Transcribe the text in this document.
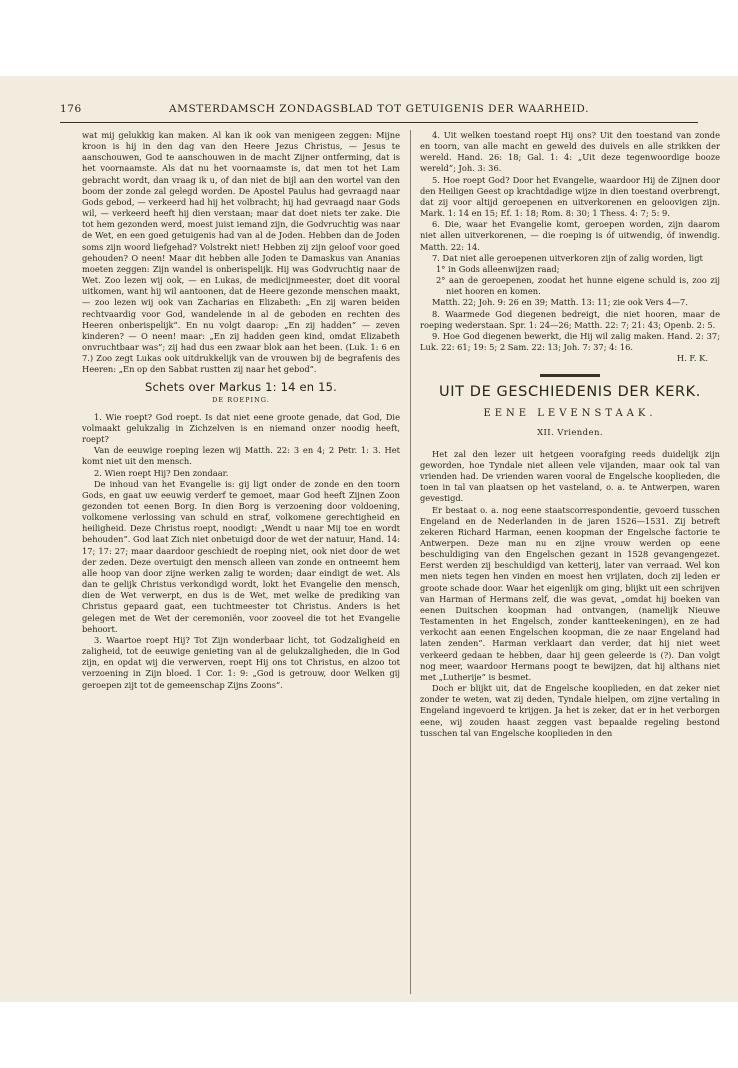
176	AMSTERDAMSCH ZONDAGSBLAD TOT GETUIGENIS DER WAARHEID.

wat mij gelukkig kan maken. Al kan ik ook van menigeen zeggen: Mijne kroon is hij in den dag van den Heere Jezus Christus, — Jesus te aanschouwen, God te aanschouwen in de macht Zijner ontferming, dat is het voornaamste. Als dat nu het voornaamste is, dat men tot het Lam gebracht wordt, dan vraag ik u, of dan niet de bijl aan den wortel van den boom der zonde zal gelegd worden. De Apostel Paulus had gevraagd naar Gods gebod, — verkeerd had hij het volbracht; hij had gevraagd naar Gods wil, — verkeerd heeft hij dien verstaan; maar dat doet niets ter zake. Die tot hem gezonden werd, moest juist iemand zijn, die Godvruchtig was naar de Wet, en een goed getuigenis had van al de Joden. Hebben dan de Joden soms zijn woord liefgehad? Volstrekt niet! Hebben zij zijn geloof voor goed gehouden? O neen! Maar dit hebben alle Joden te Damaskus van Ananias moeten zeggen: Zijn wandel is onberispelijk. Hij was Godvruchtig naar de Wet. Zoo lezen wij ook, — en Lukas, de medicijnmeester, doet dit vooral uitkomen, want hij wil aantoonen, dat de Heere gezonde menschen maakt, — zoo lezen wij ook van Zacharias en Elizabeth: „En zij waren beiden rechtvaardig voor God, wandelende in al de geboden en rechten des Heeren onberispelijk”. En nu volgt daarop: „En zij hadden” — zeven kinderen? — O neen! maar: „En zij hadden geen kind, omdat Elizabeth onvruchtbaar was”; zij had dus een zwaar blok aan het been. (Luk. 1: 6 en 7.) Zoo zegt Lukas ook uitdrukkelijk van de vrouwen bij de begrafenis des Heeren: „En op den Sabbat rustten zij naar het gebod”.

Schets over Markus 1: 14 en 15.
DE ROEPING.

1. Wie roept? God roept. Is dat niet eene groote genade, dat God, Die volmaakt gelukzalig in Zichzelven is en niemand onzer noodig heeft, roept?

Van de eeuwige roeping lezen wij Matth. 22: 3 en 4; 2 Petr. 1: 3. Het komt niet uit den mensch.

2. Wien roept Hij? Den zondaar.

De inhoud van het Evangelie is: gij ligt onder de zonde en den toorn Gods, en gaat uw eeuwig verderf te gemoet, maar God heeft Zijnen Zoon gezonden tot eenen Borg. In dien Borg is verzoening door voldoening, volkomene verlossing van schuld en straf, volkomene gerechtigheid en heiligheid. Deze Christus roept, noodigt: „Wendt u naar Mij toe en wordt behouden”. God laat Zich niet onbetuigd door de wet der natuur, Hand. 14: 17; 17: 27; maar daardoor geschiedt de roeping niet, ook niet door de wet der zeden. Deze overtuigt den mensch alleen van zonde en ontneemt hem alle hoop van door zijne werken zalig te worden; daar eindigt de wet. Als dan te gelijk Christus verkondigd wordt, lokt het Evangelie den mensch, dien de Wet verwerpt, en dus is de Wet, met welke de prediking van Christus gepaard gaat, een tuchtmeester tot Christus. Anders is het gelegen met de Wet der ceremoniën, voor zooveel die tot het Evangelie behoort.

3. Waartoe roept Hij? Tot Zijn wonderbaar licht, tot Godzaligheid en zaligheid, tot de eeuwige genieting van al de gelukzaligheden, die in God zijn, en opdat wij die verwerven, roept Hij ons tot Christus, en alzoo tot verzoening in Zijn bloed. 1 Cor. 1: 9: „God is getrouw, door Welken gij geroepen zijt tot de gemeenschap Zijns Zoons”.

4. Uit welken toestand roept Hij ons? Uit den toestand van zonde en toorn, van alle macht en geweld des duivels en alle strikken der wereld. Hand. 26: 18; Gal. 1: 4: „Uit deze tegenwoordige booze wereld”; Joh. 3: 36.

5. Hoe roept God? Door het Evangelie, waardoor Hij de Zijnen door den Heiligen Geest op krachtdadige wijze in dien toestand overbrengt, dat zij voor altijd geroepenen en uitverkorenen en geloovigen zijn. Mark. 1: 14 en 15; Ef. 1: 18; Rom. 8: 30; 1 Thess. 4: 7; 5: 9.

6. Die, waar het Evangelie komt, geroepen worden, zijn daarom niet allen uitverkorenen, — die roeping is óf uitwendig, óf inwendig. Matth. 22: 14.

7. Dat niet alle geroepenen uitverkoren zijn of zalig worden, ligt

1° in Gods alleenwijzen raad;

2° aan de geroepenen, zoodat het hunne eigene schuld is, zoo zij niet hooren en komen.

Matth. 22; Joh. 9: 26 en 39; Matth. 13: 11; zie ook Vers 4—7.

8. Waarmede God diegenen bedreigt, die niet hooren, maar de roeping wederstaan. Spr. 1: 24—26; Matth. 22: 7; 21: 43; Openb. 2: 5.

9. Hoe God diegenen bewerkt, die Hij wil zalig maken. Hand. 2: 37; Luk. 22: 61; 19: 5; 2 Sam. 22: 13; Joh. 7: 37; 4: 16.

H. F. K.

UIT DE GESCHIEDENIS DER KERK.
EENE LEVENSTAAK.
XII. Vrienden.

Het zal den lezer uit hetgeen voorafging reeds duidelijk zijn geworden, hoe Tyndale niet alleen vele vijanden, maar ook tal van vrienden had. De vrienden waren vooral de Engelsche kooplieden, die toen in tal van plaatsen op het vasteland, o. a. te Antwerpen, waren gevestigd.

Er bestaat o. a. nog eene staatscorrespondentie, gevoerd tusschen Engeland en de Nederlanden in de jaren 1526—1531. Zij betreft zekeren Richard Harman, eenen koopman der Engelsche factorie te Antwerpen. Deze man nu en zijne vrouw werden op eene beschuldiging van den Engelschen gezant in 1528 gevangengezet. Eerst werden zij beschuldigd van ketterij, later van verraad. Wel kon men niets tegen hen vinden en moest hen vrijlaten, doch zij leden er groote schade door. Waar het eigenlijk om ging, blijkt uit een schrijven van Harman of Hermans zelf, die was gevat, „omdat hij boeken van eenen Duitschen koopman had ontvangen, (namelijk Nieuwe Testamenten in het Engelsch, zonder kantteekeningen), en ze had verkocht aan eenen Engelschen koopman, die ze naar Engeland had laten zenden”. Harman verklaart dan verder, dat hij niet weet verkeerd gedaan te hebben, daar hij geen geleerde is (?). Dan volgt nog meer, waardoor Hermans poogt te bewijzen, dat hij althans niet met „Lutherije” is besmet.

Doch er blijkt uit, dat de Engelsche kooplieden, en dat zeker niet zonder te weten, wat zij deden, Tyndale hielpen, om zijne vertaling in Engeland ingevoerd te krijgen. Ja het is zeker, dat er in het verborgen eene, wij zouden haast zeggen vast bepaalde regeling bestond tusschen tal van Engelsche kooplieden in den
